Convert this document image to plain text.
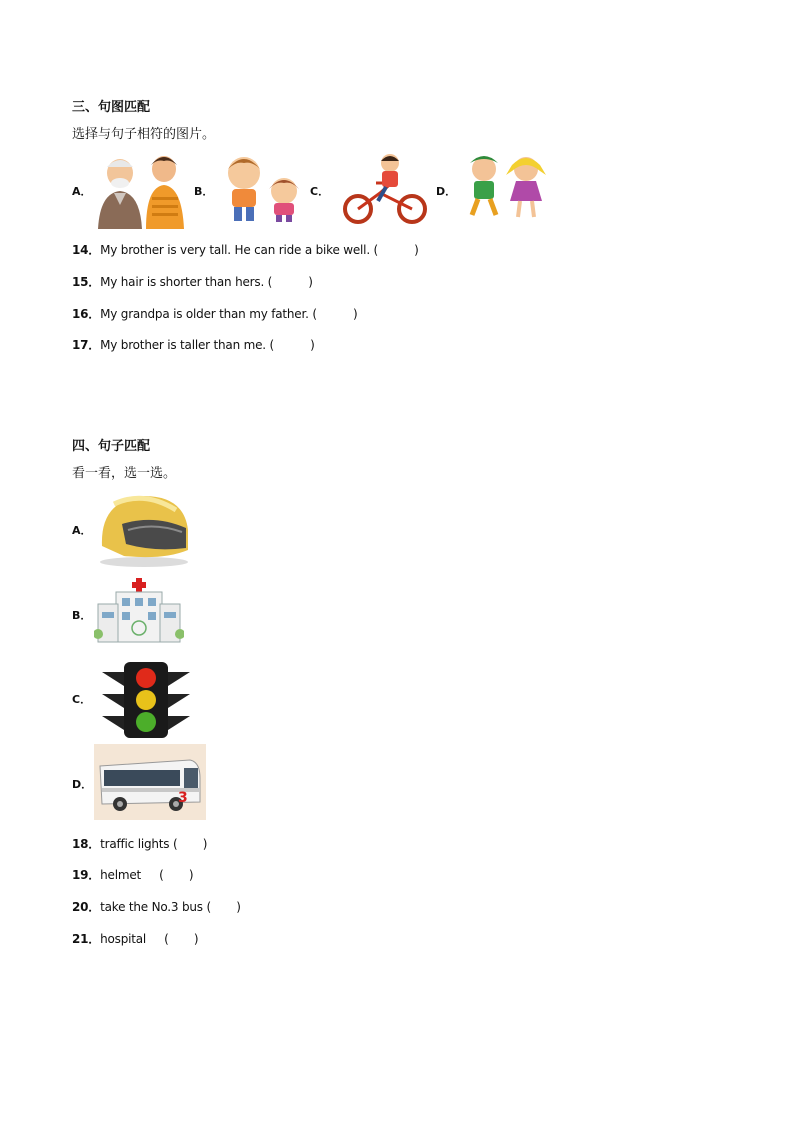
三、句图匹配
选择与句子相符的图片。
A．	B．	C．	D．
14．My brother is very tall. He can ride a bike well. (          )
15．My hair is shorter than hers. (          )
16．My grandpa is older than my father. (          )
17．My brother is taller than me. (          )
四、句子匹配
看一看，选一选。
A．
B．
C．
D．
3
18．traffic lights (       )
19．helmet     (       )
20．take the No.3 bus (       )
21．hospital     (       )
